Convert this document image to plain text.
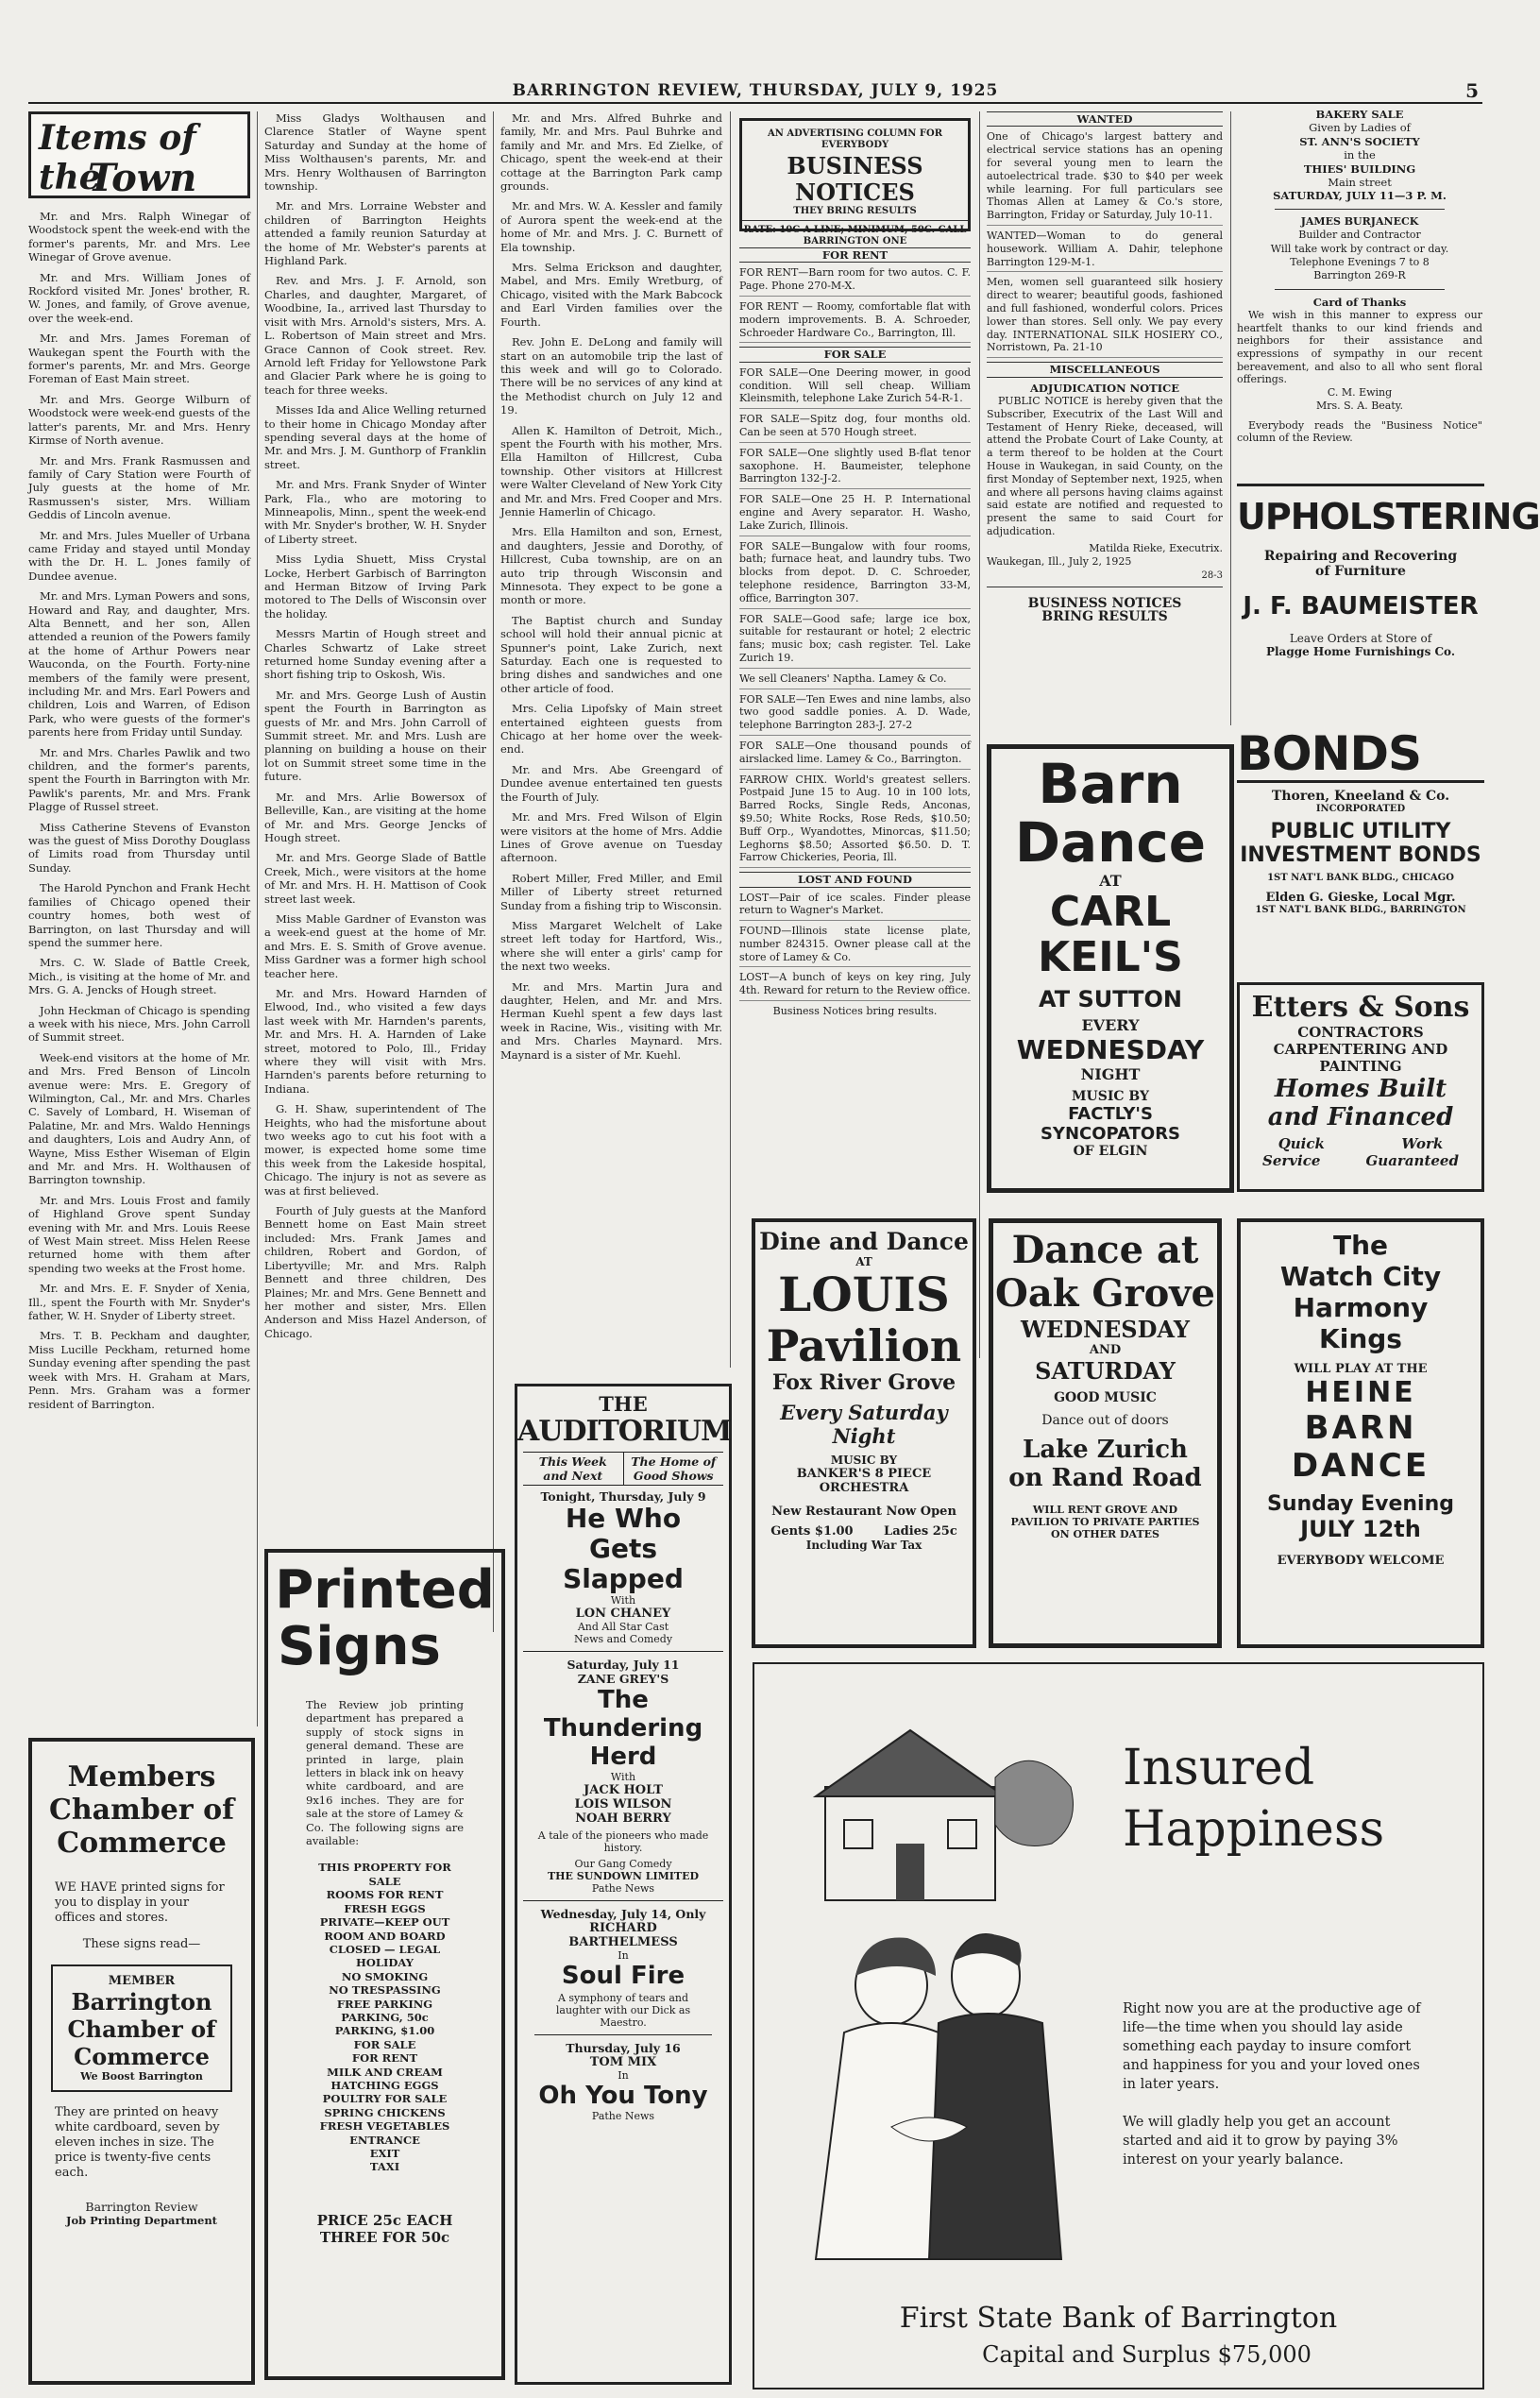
BARRINGTON REVIEW, THURSDAY, JULY 9, 1925	5
Items of the
Town

Mr. and Mrs. Ralph Winegar of Woodstock spent the week-end with the former's parents, Mr. and Mrs. Lee Winegar of Grove avenue.

Mr. and Mrs. William Jones of Rockford visited Mr. Jones' brother, R. W. Jones, and family, of Grove avenue, over the week-end.

Mr. and Mrs. James Foreman of Waukegan spent the Fourth with the former's parents, Mr. and Mrs. George Foreman of East Main street.

Mr. and Mrs. George Wilburn of Woodstock were week-end guests of the latter's parents, Mr. and Mrs. Henry Kirmse of North avenue.

Mr. and Mrs. Frank Rasmussen and family of Cary Station were Fourth of July guests at the home of Mr. Rasmussen's sister, Mrs. William Geddis of Lincoln avenue.

Mr. and Mrs. Jules Mueller of Urbana came Friday and stayed until Monday with the Dr. H. L. Jones family of Dundee avenue.

Mr. and Mrs. Lyman Powers and sons, Howard and Ray, and daughter, Mrs. Alta Bennett, and her son, Allen attended a reunion of the Powers family at the home of Arthur Powers near Wauconda, on the Fourth. Forty-nine members of the family were present, including Mr. and Mrs. Earl Powers and children, Lois and Warren, of Edison Park, who were guests of the former's parents here from Friday until Sunday.

Mr. and Mrs. Charles Pawlik and two children, and the former's parents, spent the Fourth in Barrington with Mr. Pawlik's parents, Mr. and Mrs. Frank Plagge of Russel street.

Miss Catherine Stevens of Evanston was the guest of Miss Dorothy Douglass of Limits road from Thursday until Sunday.

The Harold Pynchon and Frank Hecht families of Chicago opened their country homes, both west of Barrington, on last Thursday and will spend the summer here.

Mrs. C. W. Slade of Battle Creek, Mich., is visiting at the home of Mr. and Mrs. G. A. Jencks of Hough street.

John Heckman of Chicago is spending a week with his niece, Mrs. John Carroll of Summit street.

Week-end visitors at the home of Mr. and Mrs. Fred Benson of Lincoln avenue were: Mrs. E. Gregory of Wilmington, Cal., Mr. and Mrs. Charles C. Savely of Lombard, H. Wiseman of Palatine, Mr. and Mrs. Waldo Hennings and daughters, Lois and Audry Ann, of Wayne, Miss Esther Wiseman of Elgin and Mr. and Mrs. H. Wolthausen of Barrington township.

Mr. and Mrs. Louis Frost and family of Highland Grove spent Sunday evening with Mr. and Mrs. Louis Reese of West Main street. Miss Helen Reese returned home with them after spending two weeks at the Frost home.

Mr. and Mrs. E. F. Snyder of Xenia, Ill., spent the Fourth with Mr. Snyder's father, W. H. Snyder of Liberty street.

Mrs. T. B. Peckham and daughter, Miss Lucille Peckham, returned home Sunday evening after spending the past week with Mrs. H. Graham at Mars, Penn. Mrs. Graham was a former resident of Barrington.

Miss Gladys Wolthausen and Clarence Statler of Wayne spent Saturday and Sunday at the home of Miss Wolthausen's parents, Mr. and Mrs. Henry Wolthausen of Barrington township.

Mr. and Mrs. Lorraine Webster and children of Barrington Heights attended a family reunion Saturday at the home of Mr. Webster's parents at Highland Park.

Rev. and Mrs. J. F. Arnold, son Charles, and daughter, Margaret, of Woodbine, Ia., arrived last Thursday to visit with Mrs. Arnold's sisters, Mrs. A. L. Robertson of Main street and Mrs. Grace Cannon of Cook street. Rev. Arnold left Friday for Yellowstone Park and Glacier Park where he is going to teach for three weeks.

Misses Ida and Alice Welling returned to their home in Chicago Monday after spending several days at the home of Mr. and Mrs. J. M. Gunthorp of Franklin street.

Mr. and Mrs. Frank Snyder of Winter Park, Fla., who are motoring to Minneapolis, Minn., spent the week-end with Mr. Snyder's brother, W. H. Snyder of Liberty street.

Miss Lydia Shuett, Miss Crystal Locke, Herbert Garbisch of Barrington and Herman Bitzow of Irving Park motored to The Dells of Wisconsin over the holiday.

Messrs Martin of Hough street and Charles Schwartz of Lake street returned home Sunday evening after a short fishing trip to Oskosh, Wis.

Mr. and Mrs. George Lush of Austin spent the Fourth in Barrington as guests of Mr. and Mrs. John Carroll of Summit street. Mr. and Mrs. Lush are planning on building a house on their lot on Summit street some time in the future.

Mr. and Mrs. Arlie Bowersox of Belleville, Kan., are visiting at the home of Mr. and Mrs. George Jencks of Hough street.

Mr. and Mrs. George Slade of Battle Creek, Mich., were visitors at the home of Mr. and Mrs. H. H. Mattison of Cook street last week.

Miss Mable Gardner of Evanston was a week-end guest at the home of Mr. and Mrs. E. S. Smith of Grove avenue. Miss Gardner was a former high school teacher here.

Mr. and Mrs. Howard Harnden of Elwood, Ind., who visited a few days last week with Mr. Harnden's parents, Mr. and Mrs. H. A. Harnden of Lake street, motored to Polo, Ill., Friday where they will visit with Mrs. Harnden's parents before returning to Indiana.

G. H. Shaw, superintendent of The Heights, who had the misfortune about two weeks ago to cut his foot with a mower, is expected home some time this week from the Lakeside hospital, Chicago. The injury is not as severe as was at first believed.

Fourth of July guests at the Manford Bennett home on East Main street included: Mrs. Frank James and children, Robert and Gordon, of Libertyville; Mr. and Mrs. Ralph Bennett and three children, Des Plaines; Mr. and Mrs. Gene Bennett and her mother and sister, Mrs. Ellen Anderson and Miss Hazel Anderson, of Chicago.

Mr. and Mrs. Alfred Buhrke and family, Mr. and Mrs. Paul Buhrke and family and Mr. and Mrs. Ed Zielke, of Chicago, spent the week-end at their cottage at the Barrington Park camp grounds.

Mr. and Mrs. W. A. Kessler and family of Aurora spent the week-end at the home of Mr. and Mrs. J. C. Burnett of Ela township.

Mrs. Selma Erickson and daughter, Mabel, and Mrs. Emily Wretburg, of Chicago, visited with the Mark Babcock and Earl Virden families over the Fourth.

Rev. John E. DeLong and family will start on an automobile trip the last of this week and will go to Colorado. There will be no services of any kind at the Methodist church on July 12 and 19.

Allen K. Hamilton of Detroit, Mich., spent the Fourth with his mother, Mrs. Ella Hamilton of Hillcrest, Cuba township. Other visitors at Hillcrest were Walter Cleveland of New York City and Mr. and Mrs. Fred Cooper and Mrs. Jennie Hamerlin of Chicago.

Mrs. Ella Hamilton and son, Ernest, and daughters, Jessie and Dorothy, of Hillcrest, Cuba township, are on an auto trip through Wisconsin and Minnesota. They expect to be gone a month or more.

The Baptist church and Sunday school will hold their annual picnic at Spunner's point, Lake Zurich, next Saturday. Each one is requested to bring dishes and sandwiches and one other article of food.

Mrs. Celia Lipofsky of Main street entertained eighteen guests from Chicago at her home over the week-end.

Mr. and Mrs. Abe Greengard of Dundee avenue entertained ten guests the Fourth of July.

Mr. and Mrs. Fred Wilson of Elgin were visitors at the home of Mrs. Addie Lines of Grove avenue on Tuesday afternoon.

Robert Miller, Fred Miller, and Emil Miller of Liberty street returned Sunday from a fishing trip to Wisconsin.

Miss Margaret Welchelt of Lake street left today for Hartford, Wis., where she will enter a girls' camp for the next two weeks.

Mr. and Mrs. Martin Jura and daughter, Helen, and Mr. and Mrs. Herman Kuehl spent a few days last week in Racine, Wis., visiting with Mr. and Mrs. Charles Maynard. Mrs. Maynard is a sister of Mr. Kuehl.

AN ADVERTISING COLUMN FOR EVERYBODY
BUSINESS NOTICES
THEY BRING RESULTS
RATE: 10C A LINE; MINIMUM, 50C. CALL BARRINGTON ONE
FOR RENT
FOR RENT—Barn room for two autos. C. F. Page. Phone 270-M-X.
FOR RENT — Roomy, comfortable flat with modern improvements. B. A. Schroeder, Schroeder Hardware Co., Barrington, Ill.
FOR SALE
FOR SALE—One Deering mower, in good condition. Will sell cheap. William Kleinsmith, telephone Lake Zurich 54-R-1.
FOR SALE—Spitz dog, four months old. Can be seen at 570 Hough street.
FOR SALE—One slightly used B-flat tenor saxophone. H. Baumeister, telephone Barrington 132-J-2.
FOR SALE—One 25 H. P. International engine and Avery separator. H. Washo, Lake Zurich, Illinois.
FOR SALE—Bungalow with four rooms, bath; furnace heat, and laundry tubs. Two blocks from depot. D. C. Schroeder, telephone residence, Barrington 33-M, office, Barrington 307.
FOR SALE—Good safe; large ice box, suitable for restaurant or hotel; 2 electric fans; music box; cash register. Tel. Lake Zurich 19.
We sell Cleaners' Naptha. Lamey & Co.
FOR SALE—Ten Ewes and nine lambs, also two good saddle ponies. A. D. Wade, telephone Barrington 283-J. 27-2
FOR SALE—One thousand pounds of airslacked lime. Lamey & Co., Barrington.
FARROW CHIX. World's greatest sellers. Postpaid June 15 to Aug. 10 in 100 lots, Barred Rocks, Single Reds, Anconas, $9.50; White Rocks, Rose Reds, $10.50; Buff Orp., Wyandottes, Minorcas, $11.50; Leghorns $8.50; Assorted $6.50. D. T. Farrow Chickeries, Peoria, Ill.
LOST AND FOUND
LOST—Pair of ice scales. Finder please return to Wagner's Market.
FOUND—Illinois state license plate, number 824315. Owner please call at the store of Lamey & Co.
LOST—A bunch of keys on key ring, July 4th. Reward for return to the Review office.
Business Notices bring results.
WANTED
One of Chicago's largest battery and electrical service stations has an opening for several young men to learn the autoelectrical trade. $30 to $40 per week while learning. For full particulars see Thomas Allen at Lamey & Co.'s store, Barrington, Friday or Saturday, July 10-11.
WANTED—Woman to do general housework. William A. Dahir, telephone Barrington 129-M-1.
Men, women sell guaranteed silk hosiery direct to wearer; beautiful goods, fashioned and full fashioned, wonderful colors. Prices lower than stores. Sell only. We pay every day. INTERNATIONAL SILK HOSIERY CO., Norristown, Pa. 21-10
MISCELLANEOUS
ADJUDICATION NOTICE
PUBLIC NOTICE is hereby given that the Subscriber, Executrix of the Last Will and Testament of Henry Rieke, deceased, will attend the Probate Court of Lake County, at a term thereof to be holden at the Court House in Waukegan, in said County, on the first Monday of September next, 1925, when and where all persons having claims against said estate are notified and requested to present the same to said Court for adjudication.
Matilda Rieke, Executrix.
Waukegan, Ill., July 2, 1925
28-3
BUSINESS NOTICES
BRING RESULTS
BAKERY SALE
Given by Ladies of
ST. ANN'S SOCIETY
in the
THIES' BUILDING
Main street
SATURDAY, JULY 11—3 P. M.
JAMES BURJANECK
Builder and Contractor
Will take work by contract or day.
Telephone Evenings 7 to 8
Barrington 269-R
Card of Thanks
We wish in this manner to express our heartfelt thanks to our kind friends and neighbors for their assistance and expressions of sympathy in our recent bereavement, and also to all who sent floral offerings.
C. M. Ewing
Mrs. S. A. Beaty.
Everybody reads the "Business Notice" column of the Review.
UPHOLSTERING
Repairing and Recovering
of Furniture
J. F. BAUMEISTER
Leave Orders at Store of
Plagge Home Furnishings Co.
Barn
Dance
AT
CARL
KEIL'S
AT SUTTON
EVERY
WEDNESDAY
NIGHT
MUSIC BY
FACTLY'S
SYNCOPATORS
OF ELGIN
BONDS
Thoren, Kneeland & Co.
INCORPORATED
PUBLIC UTILITY
INVESTMENT BONDS
1ST NAT'L BANK BLDG., CHICAGO
Elden G. Gieske, Local Mgr.
1ST NAT'L BANK BLDG., BARRINGTON
Etters & Sons
CONTRACTORS
CARPENTERING AND
PAINTING
Homes Built
and Financed
Quick	Work
Service	Guaranteed
Dine and Dance
AT
LOUIS
Pavilion
Fox River Grove
Every Saturday
Night
MUSIC BY
BANKER'S 8 PIECE
ORCHESTRA
New Restaurant Now Open
Gents $1.00 Ladies 25c
Including War Tax
Dance at
Oak Grove
WEDNESDAY
AND
SATURDAY
GOOD MUSIC
Dance out of doors
Lake Zurich
on Rand Road
WILL RENT GROVE AND PAVILION TO PRIVATE PARTIES ON OTHER DATES
The
Watch City
Harmony
Kings
WILL PLAY AT THE
HEINE
BARN
DANCE
Sunday Evening
JULY 12th
EVERYBODY WELCOME
Printed
Signs
The Review job printing department has prepared a supply of stock signs in general demand. These are printed in large, plain letters in black ink on heavy white cardboard, and are 9x16 inches. They are for sale at the store of Lamey & Co. The following signs are available:
THIS PROPERTY FOR SALE
ROOMS FOR RENT
FRESH EGGS
PRIVATE—KEEP OUT
ROOM AND BOARD
CLOSED — LEGAL HOLIDAY
NO SMOKING
NO TRESPASSING
FREE PARKING
PARKING, 50c
PARKING, $1.00
FOR SALE
FOR RENT
MILK AND CREAM
HATCHING EGGS
POULTRY FOR SALE
SPRING CHICKENS
FRESH VEGETABLES
ENTRANCE
EXIT
TAXI
PRICE 25c EACH
THREE FOR 50c
THE
AUDITORIUM
This Week and Next
The Home of Good Shows
Tonight, Thursday, July 9
He Who
Gets
Slapped
With
LON CHANEY
And All Star Cast
News and Comedy
Saturday, July 11
ZANE GREY'S
The
Thundering
Herd
With
JACK HOLT
LOIS WILSON
NOAH BERRY
A tale of the pioneers who made history.
Our Gang Comedy
THE SUNDOWN LIMITED
Pathe News
Wednesday, July 14, Only
RICHARD
BARTHELMESS
In
Soul Fire
A symphony of tears and laughter with our Dick as Maestro.
Thursday, July 16
TOM MIX
In
Oh You Tony
Pathe News
Members
Chamber of
Commerce
WE HAVE printed signs for you to display in your offices and stores.
These signs read—
MEMBER
Barrington
Chamber of
Commerce
We Boost Barrington
They are printed on heavy white cardboard, seven by eleven inches in size. The price is twenty-five cents each.
Barrington Review
Job Printing Department
Insured
Happiness
Right now you are at the productive age of life—the time when you should lay aside something each payday to insure comfort and happiness for you and your loved ones in later years.
We will gladly help you get an account started and aid it to grow by paying 3% interest on your yearly balance.
First State Bank of Barrington
Capital and Surplus $75,000
